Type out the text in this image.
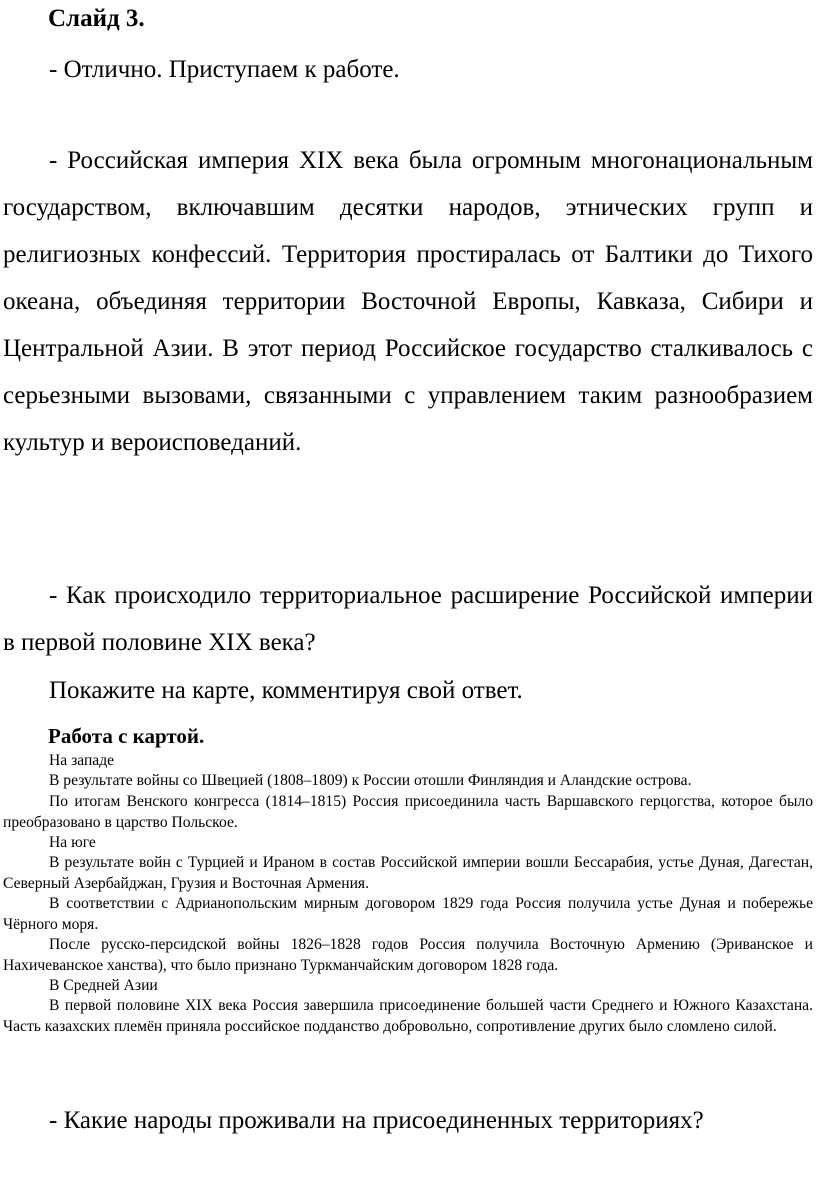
Слайд 3.

- Отлично. Приступаем к работе.

- Российская империя XIX века была огромным многонациональным государством, включавшим десятки народов, этнических групп и религиозных конфессий. Территория простиралась от Балтики до Тихого океана, объединяя территории Восточной Европы, Кавказа, Сибири и Центральной Азии. В этот период Российское государство сталкивалось с серьезными вызовами, связанными с управлением таким разнообразием культур и вероисповеданий.

- Как происходило территориальное расширение Российской империи в первой половине XIX века?

Покажите на карте, комментируя свой ответ.

Работа с картой.

На западе

В результате войны со Швецией (1808–1809) к России отошли Финляндия и Аландские острова.

По итогам Венского конгресса (1814–1815) Россия присоединила часть Варшавского герцогства, которое было преобразовано в царство Польское.

На юге

В результате войн с Турцией и Ираном в состав Российской империи вошли Бессарабия, устье Дуная, Дагестан, Северный Азербайджан, Грузия и Восточная Армения.

В соответствии с Адрианопольским мирным договором 1829 года Россия получила устье Дуная и побережье Чёрного моря.

После русско-персидской войны 1826–1828 годов Россия получила Восточную Армению (Эриванское и Нахичеванское ханства), что было признано Туркманчайским договором 1828 года.

В Средней Азии

В первой половине XIX века Россия завершила присоединение большей части Среднего и Южного Казахстана. Часть казахских племён приняла российское подданство добровольно, сопротивление других было сломлено силой.

- Какие народы проживали на присоединенных территориях?
